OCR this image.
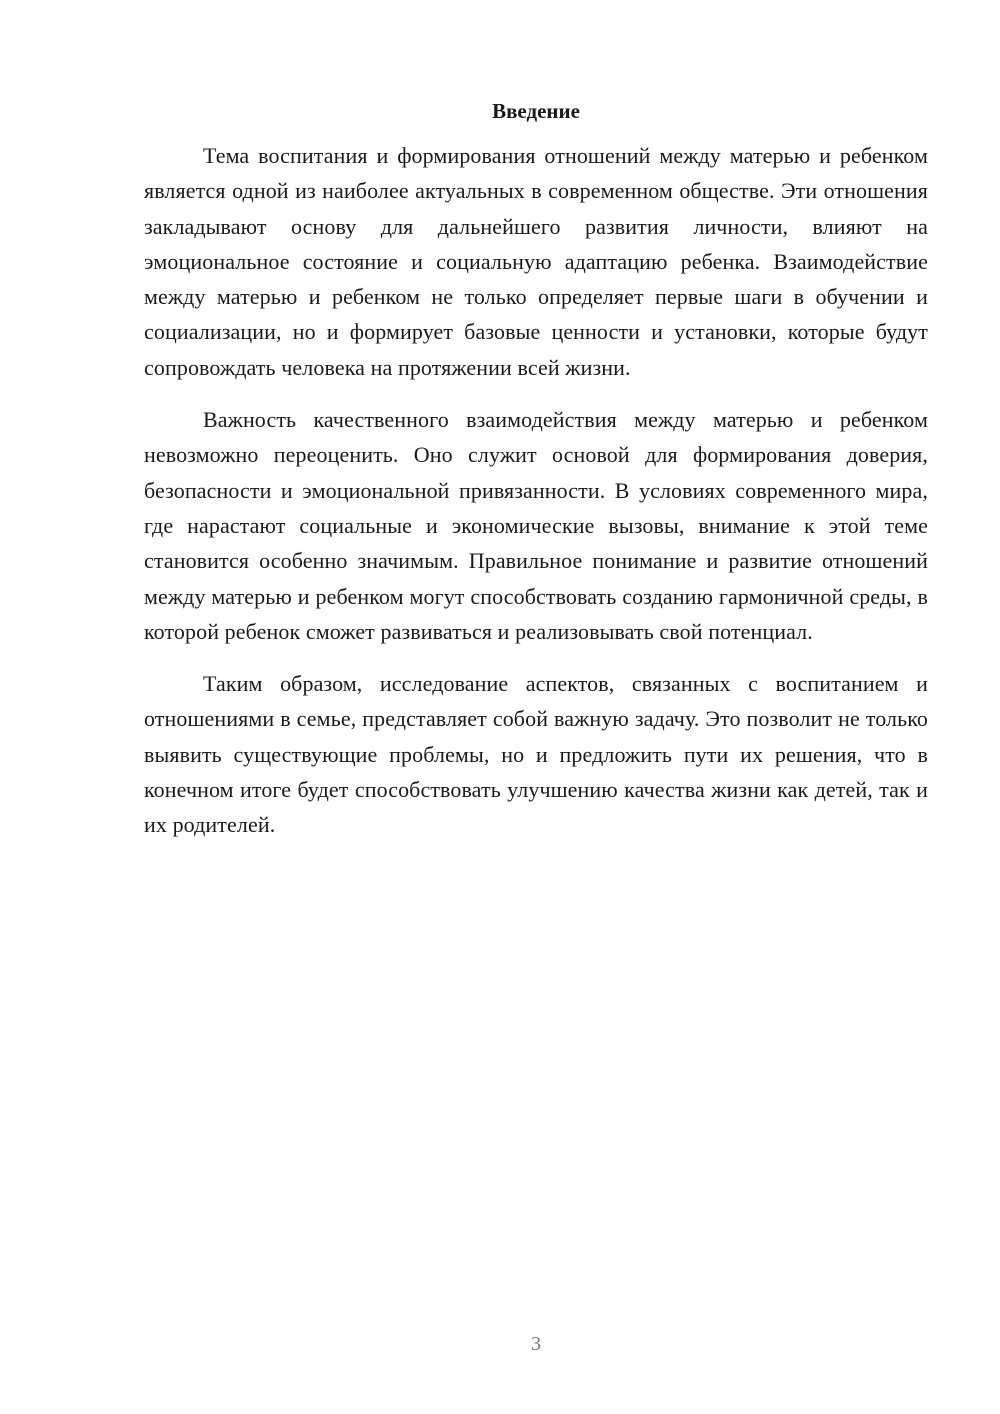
Введение

Тема воспитания и формирования отношений между матерью и ребенком является одной из наиболее актуальных в современном обществе. Эти отношения закладывают основу для дальнейшего развития личности, влияют на эмоциональное состояние и социальную адаптацию ребенка. Взаимодействие между матерью и ребенком не только определяет первые шаги в обучении и социализации, но и формирует базовые ценности и установки, которые будут сопровождать человека на протяжении всей жизни.

Важность качественного взаимодействия между матерью и ребенком невозможно переоценить. Оно служит основой для формирования доверия, безопасности и эмоциональной привязанности. В условиях современного мира, где нарастают социальные и экономические вызовы, внимание к этой теме становится особенно значимым. Правильное понимание и развитие отношений между матерью и ребенком могут способствовать созданию гармоничной среды, в которой ребенок сможет развиваться и реализовывать свой потенциал.

Таким образом, исследование аспектов, связанных с воспитанием и отношениями в семье, представляет собой важную задачу. Это позволит не только выявить существующие проблемы, но и предложить пути их решения, что в конечном итоге будет способствовать улучшению качества жизни как детей, так и их родителей.

3
